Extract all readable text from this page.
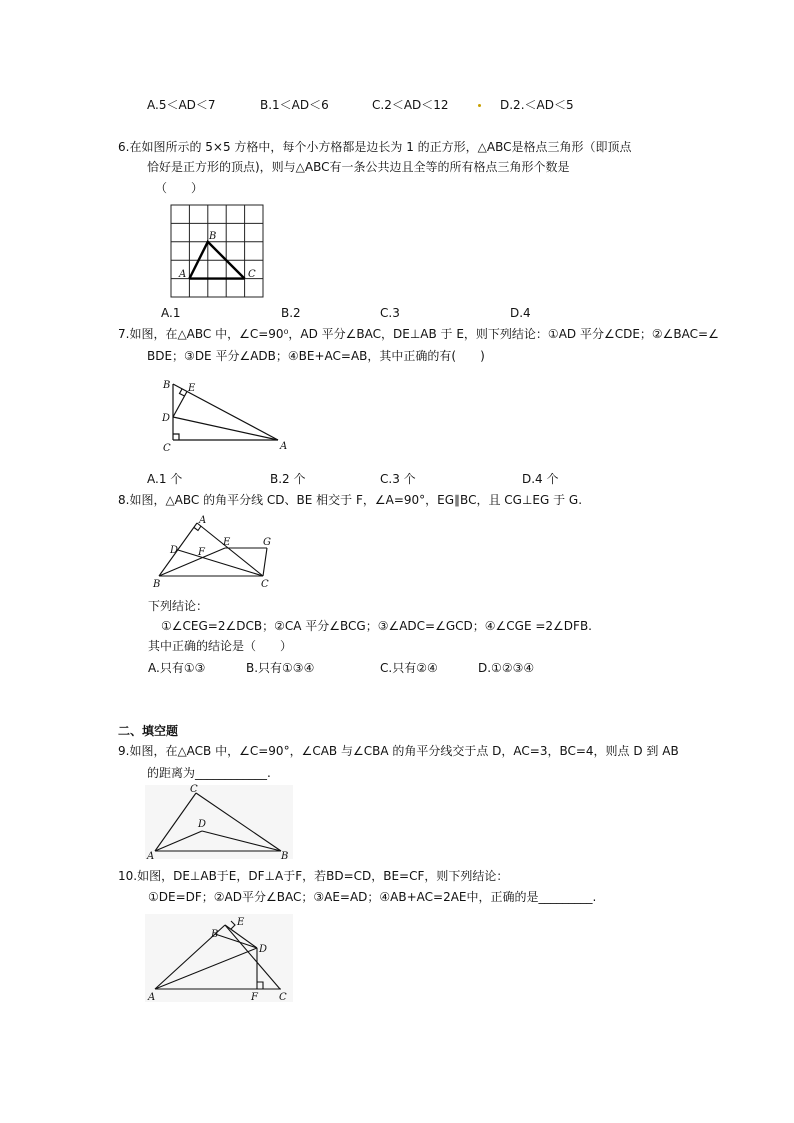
A.5＜AD＜7	B.1＜AD＜6	C.2＜AD＜12	D.2.＜AD＜5
6.在如图所示的 5×5 方格中，每个小方格都是边长为 1 的正方形，△ABC是格点三角形（即顶点
恰好是正方形的顶点)，则与△ABC有一条公共边且全等的所有格点三角形个数是
（　　）
B
A	C
A.1	B.2	C.3	D.4
7.如图，在△ABC 中，∠C=90⁰，AD 平分∠BAC，DE⊥AB 于 E，则下列结论：①AD 平分∠CDE；②∠BAC=∠
BDE；③DE 平分∠ADB；④BE+AC=AB，其中正确的有(　　)
B E
D
C	A
A.1 个	B.2 个	C.3 个	D.4 个
8.如图，△ABC 的角平分线 CD、BE 相交于 F，∠A=90°，EG∥BC，且 CG⊥EG 于 G.
A
D F
E	G
B	C
下列结论：
①∠CEG=2∠DCB；②CA 平分∠BCG；③∠ADC=∠GCD；④∠CGE =2∠DFB.
其中正确的结论是（　　）
A.只有①③	B.只有①③④	C.只有②④	D.①②③④
二、填空题
9.如图，在△ACB 中，∠C=90°，∠CAB 与∠CBA 的角平分线交于点 D，AC=3，BC=4，则点 D 到 AB
的距离为____________.
C
D
A	B
10.如图，DE⊥AB于E，DF⊥A于F，若BD=CD，BE=CF，则下列结论：
①DE=DF；②AD平分∠BAC；③AE=AD；④AB+AC=2AE中，正确的是_________.
E
B
D
A	F C
